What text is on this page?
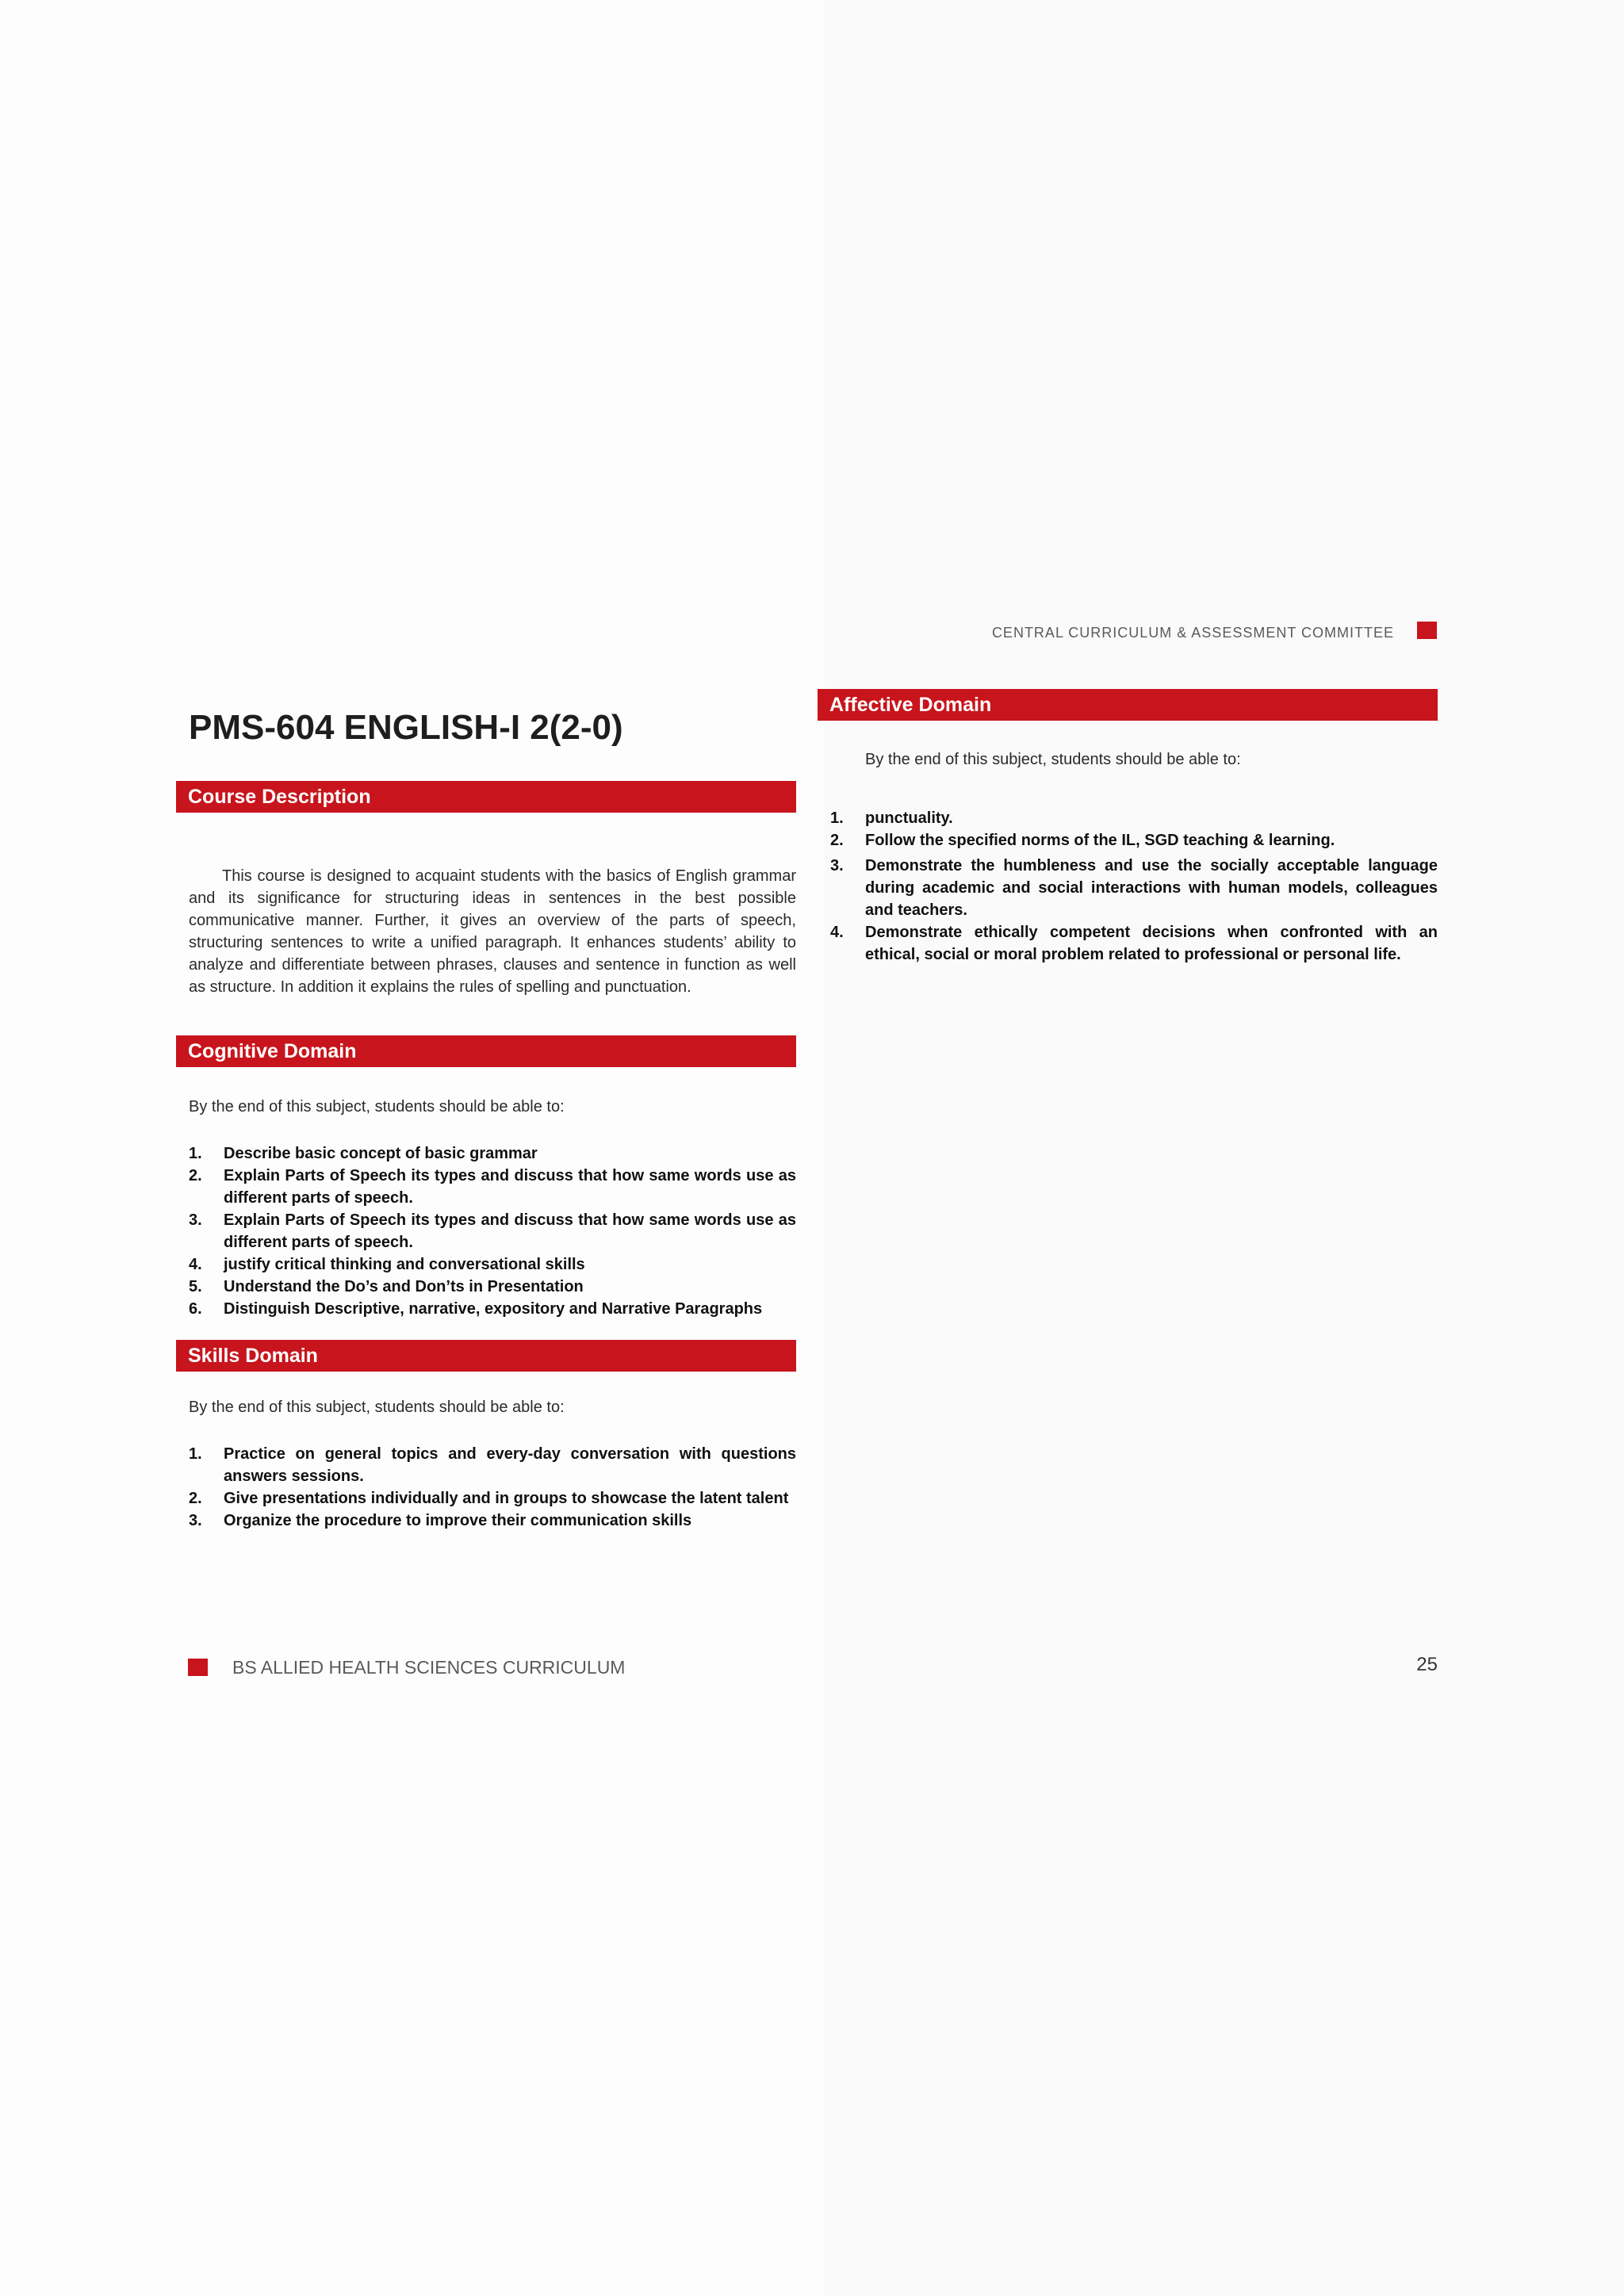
CENTRAL CURRICULUM & ASSESSMENT COMMITTEE
PMS-604 ENGLISH-I 2(2-0)
Course Description

This course is designed to acquaint students with the basics of English grammar and its significance for structuring ideas in sentences in the best possible communicative manner. Further, it gives an overview of the parts of speech, structuring sentences to write a unified paragraph. It enhances students’ ability to analyze and differentiate between phrases, clauses and sentence in function as well as structure. In addition it explains the rules of spelling and punctuation.

Cognitive Domain
By the end of this subject, students should be able to:
1.	Describe basic concept of basic grammar
2.	Explain Parts of Speech its types and discuss that how same words use as different parts of speech.
3.	Explain Parts of Speech its types and discuss that how same words use as different parts of speech.
4.	justify critical thinking and conversational skills
5.	Understand the Do’s and Don’ts in Presentation
6.	Distinguish Descriptive, narrative, expository and Narrative Paragraphs
Skills Domain
By the end of this subject, students should be able to:
1.	Practice on general topics and every-day conversation with questions answers sessions.
2.	Give presentations individually and in groups to showcase the latent talent
3.	Organize the procedure to improve their communication skills
Affective Domain
By the end of this subject, students should be able to:
1.	punctuality.
2.	Follow the specified norms of the IL, SGD teaching & learning.
3.	Demonstrate the humbleness and use the socially acceptable language during academic and social interactions with human models, colleagues and teachers.
4.	Demonstrate ethically competent decisions when confronted with an ethical, social or moral problem related to professional or personal life.
BS ALLIED HEALTH SCIENCES CURRICULUM	25
